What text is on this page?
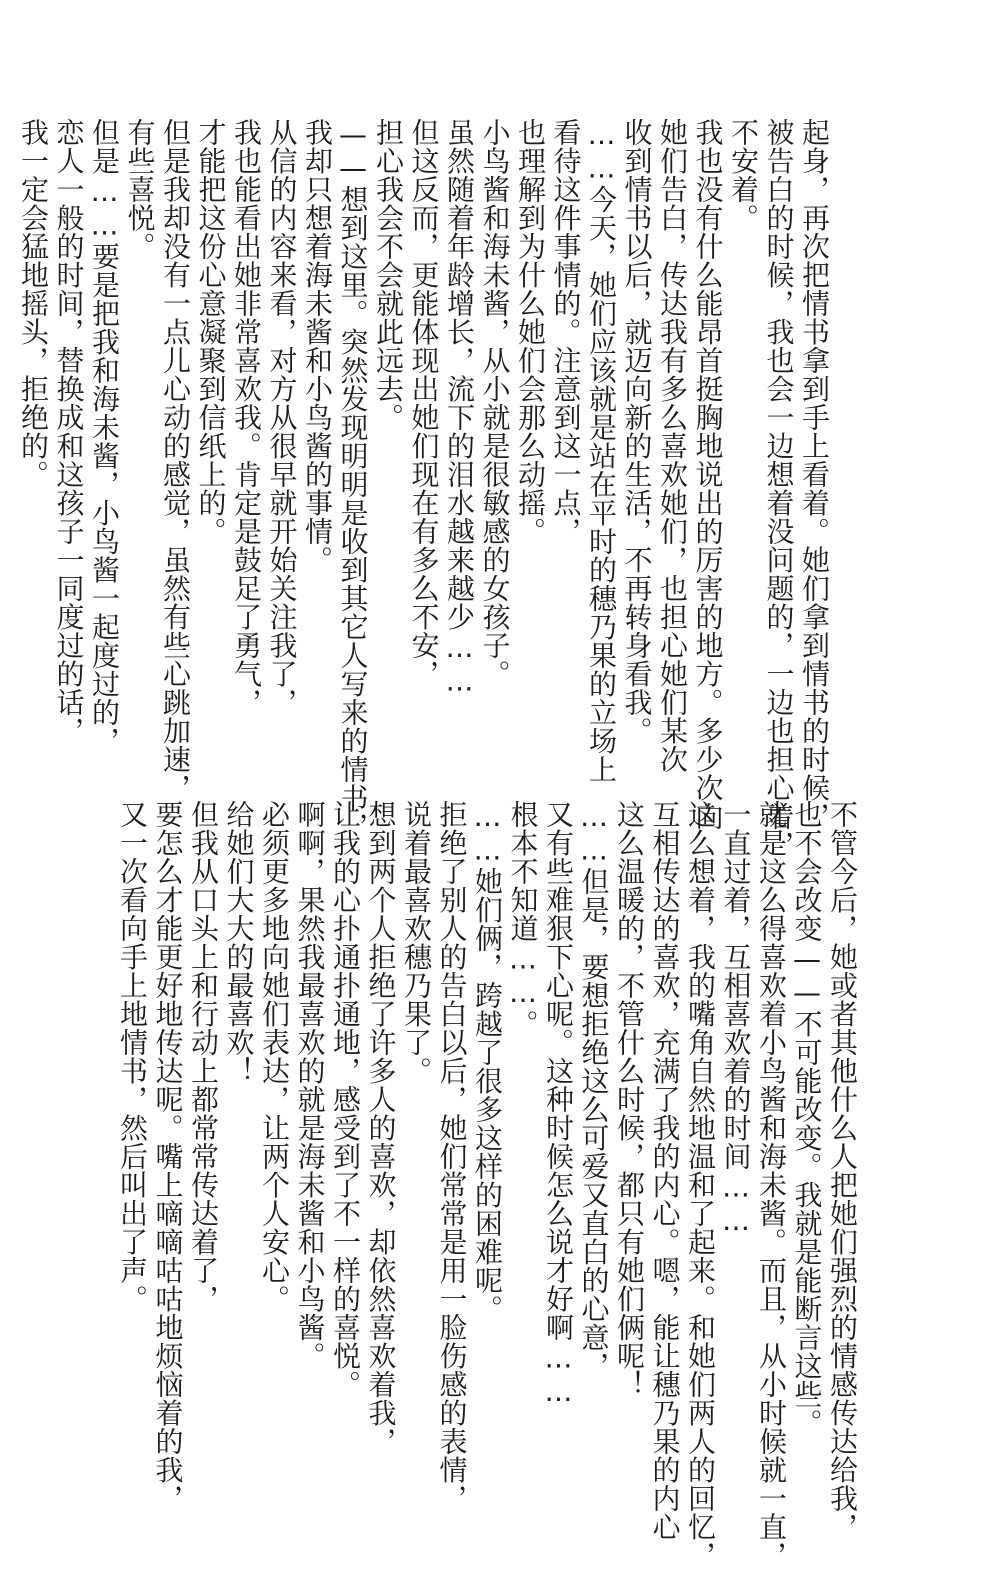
起身，再次把情书拿到手上看着。她们拿到情书的时候，
被告白的时候，我也会一边想着没问题的，一边也担心着，
不安着。
我也没有什么能昂首挺胸地说出的厉害的地方。多少次向
她们告白，传达我有多么喜欢她们，也担心她们某次
收到情书以后，就迈向新的生活，不再转身看我。
……今天，她们应该就是站在平时的穗乃果的立场上
看待这件事情的。注意到这一点，
也理解到为什么她们会那么动摇。
小鸟酱和海未酱，从小就是很敏感的女孩子。
虽然随着年龄增长，流下的泪水越来越少……
但这反而，更能体现出她们现在有多么不安，
担心我会不会就此远去。
——想到这里。突然发现明明是收到其它人写来的情书，
我却只想着海未酱和小鸟酱的事情。
从信的内容来看，对方从很早就开始关注我了，
我也能看出她非常喜欢我。肯定是鼓足了勇气，
才能把这份心意凝聚到信纸上的。
但是我却没有一点儿心动的感觉，虽然有些心跳加速，
有些喜悦。
但是……要是把我和海未酱，小鸟酱一起度过的，
恋人一般的时间，替换成和这孩子一同度过的话，
我一定会猛地摇头，拒绝的。
不管今后，她或者其他什么人把她们强烈的情感传达给我，
也不会改变——不可能改变。我就是能断言这些。
就是这么得喜欢着小鸟酱和海未酱。而且，从小时候就一直，
一直过着，互相喜欢着的时间……
这么想着，我的嘴角自然地温和了起来。和她们两人的回忆，
互相传达的喜欢，充满了我的内心。嗯，能让穗乃果的内心
这么温暖的，不管什么时候，都只有她们俩呢！
……但是，要想拒绝这么可爱又直白的心意，
又有些难狠下心呢。这种时候怎么说才好啊……
根本不知道……。
……她们俩，跨越了很多这样的困难呢。
拒绝了别人的告白以后，她们常常是用一脸伤感的表情，
说着最喜欢穗乃果了。
想到两个人拒绝了许多人的喜欢，却依然喜欢着我，
让我的心扑通扑通地，感受到了不一样的喜悦。
啊啊，果然我最喜欢的就是海未酱和小鸟酱。
必须更多地向她们表达，让两个人安心。
给她们大大的最喜欢！
但我从口头上和行动上都常常传达着了，
要怎么才能更好地传达呢。嘴上嘀嘀咕咕地烦恼着的我，
又一次看向手上地情书，然后叫出了声。
